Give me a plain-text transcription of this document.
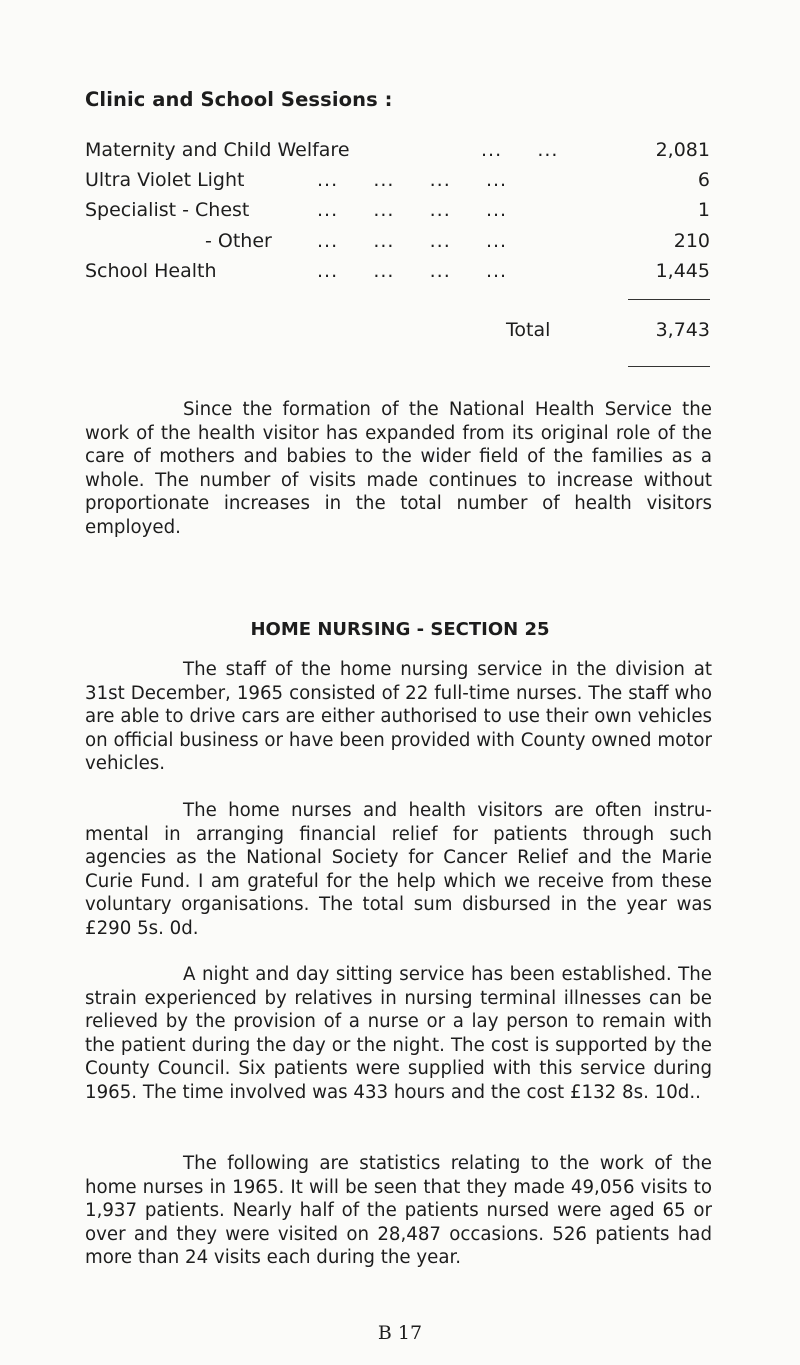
Clinic and School Sessions :
Maternity and Child Welfare	...     ...	2,081
Ultra Violet Light	...     ...     ...     ...	6
Specialist - Chest	...     ...     ...     ...	1
- Other ...     ...     ...     ...	210
School Health	...     ...     ...     ...	1,445
Total	3,743

Since the formation of the National Health Service the work of the health visitor has expanded from its original role of the care of mothers and babies to the wider field of the families as a whole. The number of visits made continues to increase without proportionate increases in the total number of health visitors employed.

HOME NURSING - SECTION 25

The staff of the home nursing service in the division at 31st December, 1965 consisted of 22 full-time nurses. The staff who are able to drive cars are either authorised to use their own vehicles on official business or have been provided with County owned motor vehicles.

The home nurses and health visitors are often instru- mental in arranging financial relief for patients through such agencies as the National Society for Cancer Relief and the Marie Curie Fund. I am grateful for the help which we receive from these voluntary organisations. The total sum disbursed in the year was £290 5s. 0d.

A night and day sitting service has been established. The strain experienced by relatives in nursing terminal illnesses can be relieved by the provision of a nurse or a lay person to remain with the patient during the day or the night. The cost is supported by the County Council. Six patients were supplied with this service during 1965. The time involved was 433 hours and the cost £132 8s. 10d..

The following are statistics relating to the work of the home nurses in 1965. It will be seen that they made 49,056 visits to 1,937 patients. Nearly half of the patients nursed were aged 65 or over and they were visited on 28,487 occasions. 526 patients had more than 24 visits each during the year.

B 17
